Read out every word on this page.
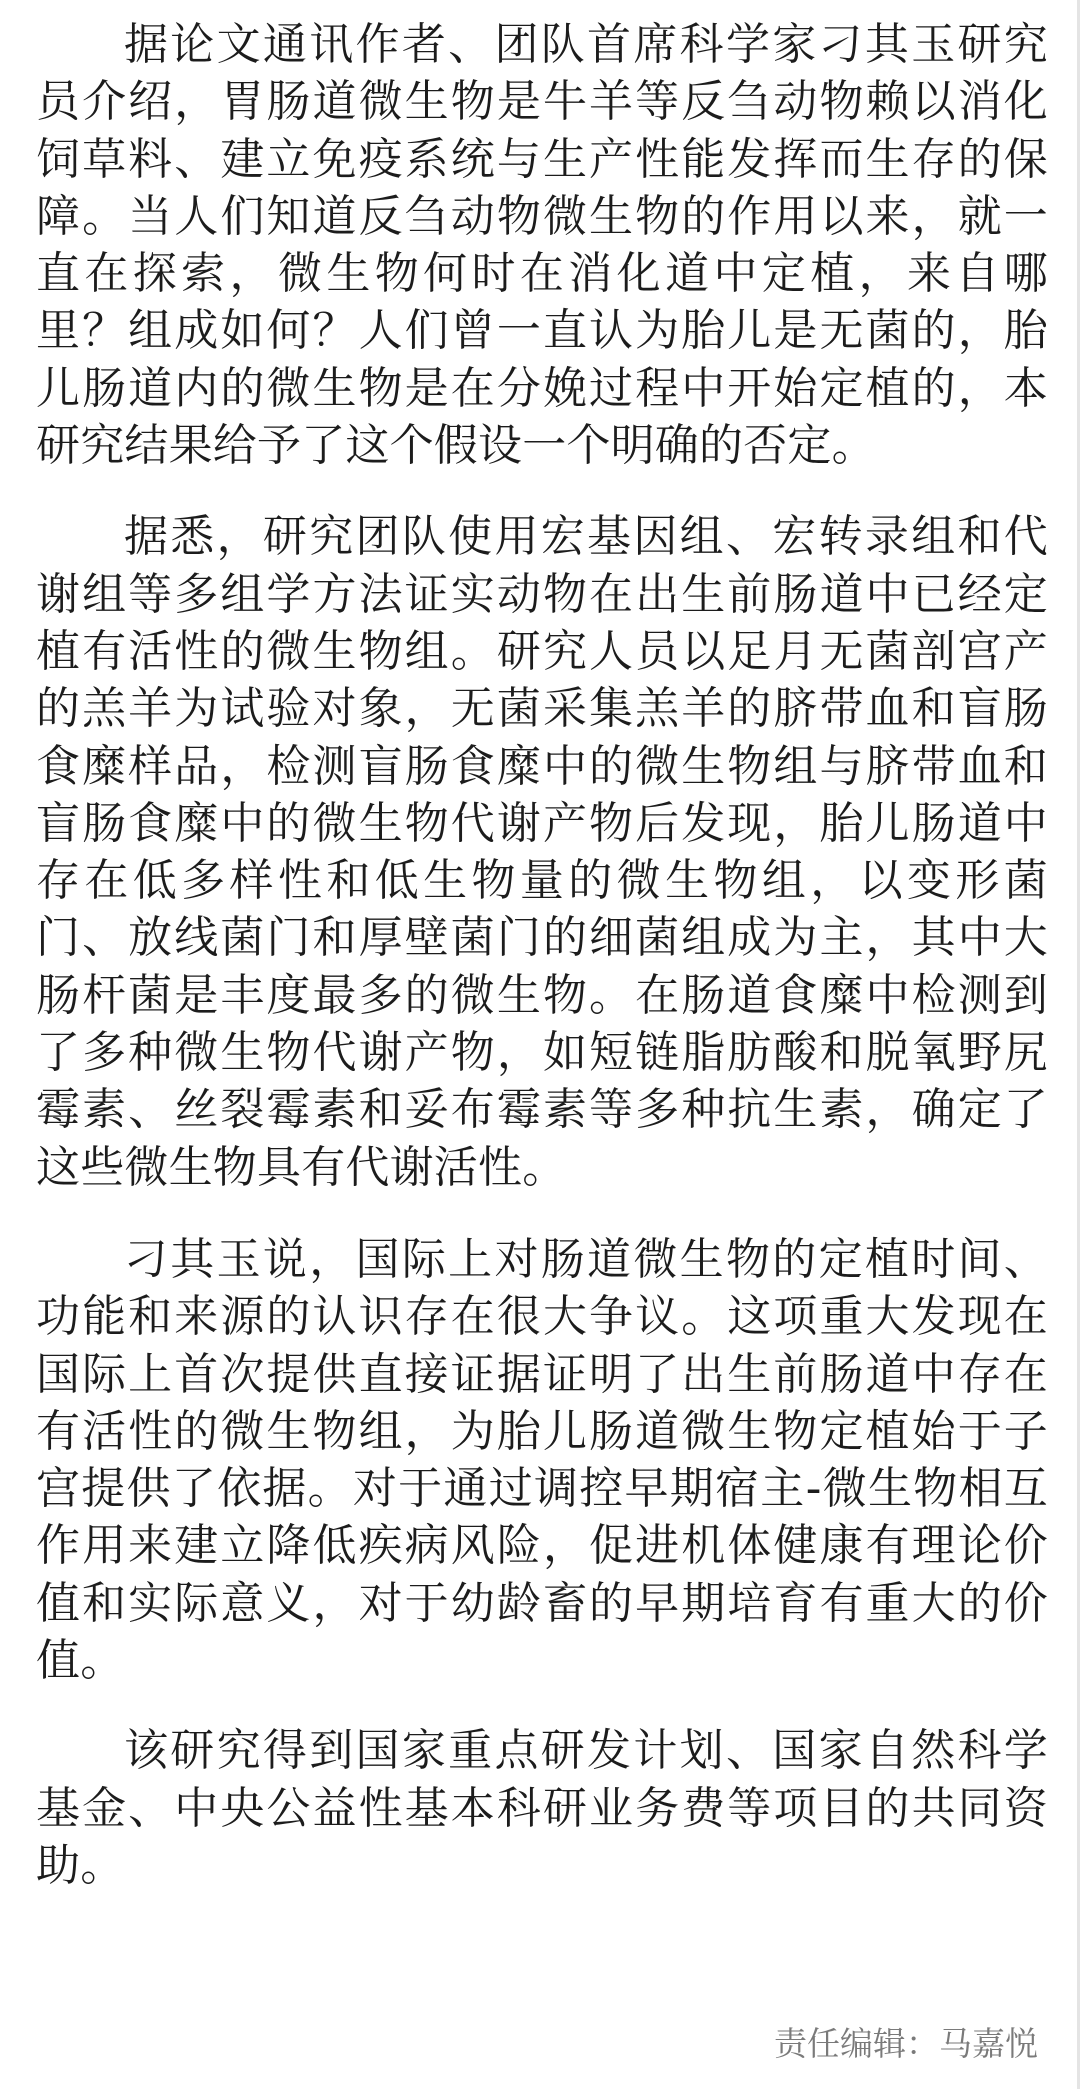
据论文通讯作者、团队首席科学家刁其玉研究员介绍，胃肠道微生物是牛羊等反刍动物赖以消化饲草料、建立免疫系统与生产性能发挥而生存的保障。当人们知道反刍动物微生物的作用以来，就一直在探索，微生物何时在消化道中定植，来自哪里？组成如何？人们曾一直认为胎儿是无菌的，胎儿肠道内的微生物是在分娩过程中开始定植的，本研究结果给予了这个假设一个明确的否定。

据悉，研究团队使用宏基因组、宏转录组和代谢组等多组学方法证实动物在出生前肠道中已经定植有活性的微生物组。研究人员以足月无菌剖宫产的羔羊为试验对象，无菌采集羔羊的脐带血和盲肠食糜样品，检测盲肠食糜中的微生物组与脐带血和盲肠食糜中的微生物代谢产物后发现，胎儿肠道中存在低多样性和低生物量的微生物组，以变形菌门、放线菌门和厚壁菌门的细菌组成为主，其中大肠杆菌是丰度最多的微生物。在肠道食糜中检测到了多种微生物代谢产物，如短链脂肪酸和脱氧野尻霉素、丝裂霉素和妥布霉素等多种抗生素，确定了这些微生物具有代谢活性。

刁其玉说，国际上对肠道微生物的定植时间、功能和来源的认识存在很大争议。这项重大发现在国际上首次提供直接证据证明了出生前肠道中存在有活性的微生物组，为胎儿肠道微生物定植始于子宫提供了依据。对于通过调控早期宿主-微生物相互作用来建立降低疾病风险，促进机体健康有理论价值和实际意义，对于幼龄畜的早期培育有重大的价值。

该研究得到国家重点研发计划、国家自然科学基金、中央公益性基本科研业务费等项目的共同资助。

责任编辑：马嘉悦
